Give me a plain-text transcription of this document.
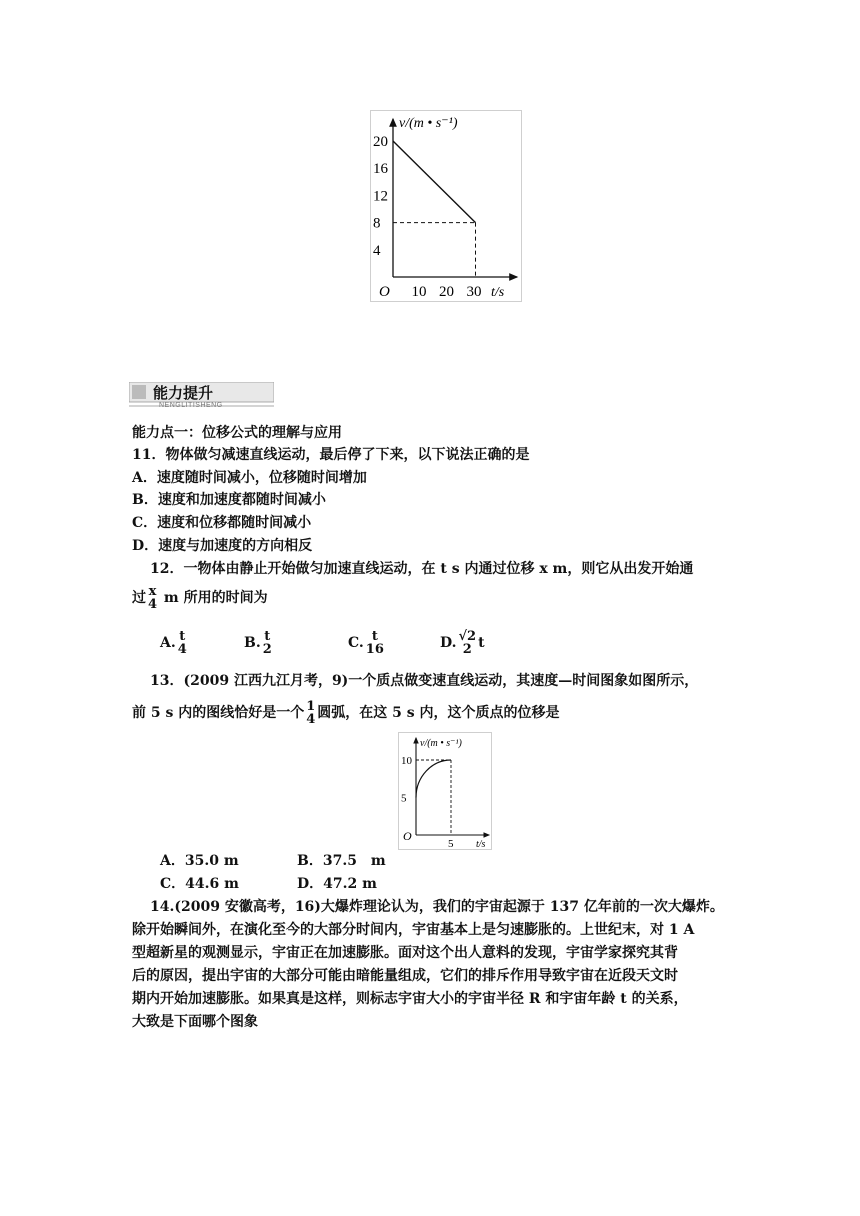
v/(m • s⁻¹)
t/s
O
20
16
12
8
4
10 20 30
能力提升
NENGLITISHENG
能力点一：位移公式的理解与应用
11．物体做匀减速直线运动，最后停了下来，以下说法正确的是
A．速度随时间减小，位移随时间增加
B．速度和加速度都随时间减小
C．速度和位移都随时间减小
D．速度与加速度的方向相反
12．一物体由静止开始做匀加速直线运动，在 t s 内通过位移 x m，则它从出发开始通
过 x
4 m 所用的时间为
A. t
4	B. t
2	C. t
16	D. √2
2 t
13．(2009 江西九江月考，9)一个质点做变速直线运动，其速度—时间图象如图所示，
前 5 s 内的图线恰好是一个 1
4 圆弧，在这 5 s 内，这个质点的位移是
v/(m • s⁻¹)
t/s
O
10
5
5
A．35.0 m	B．37.5　m
C．44.6 m	D．47.2 m
14.(2009 安徽高考，16)大爆炸理论认为，我们的宇宙起源于 137 亿年前的一次大爆炸。
除开始瞬间外，在演化至今的大部分时间内，宇宙基本上是匀速膨胀的。上世纪末，对 1 A
型超新星的观测显示，宇宙正在加速膨胀。面对这个出人意料的发现，宇宙学家探究其背
后的原因，提出宇宙的大部分可能由暗能量组成，它们的排斥作用导致宇宙在近段天文时
期内开始加速膨胀。如果真是这样，则标志宇宙大小的宇宙半径 R 和宇宙年龄 t 的关系，
大致是下面哪个图象
